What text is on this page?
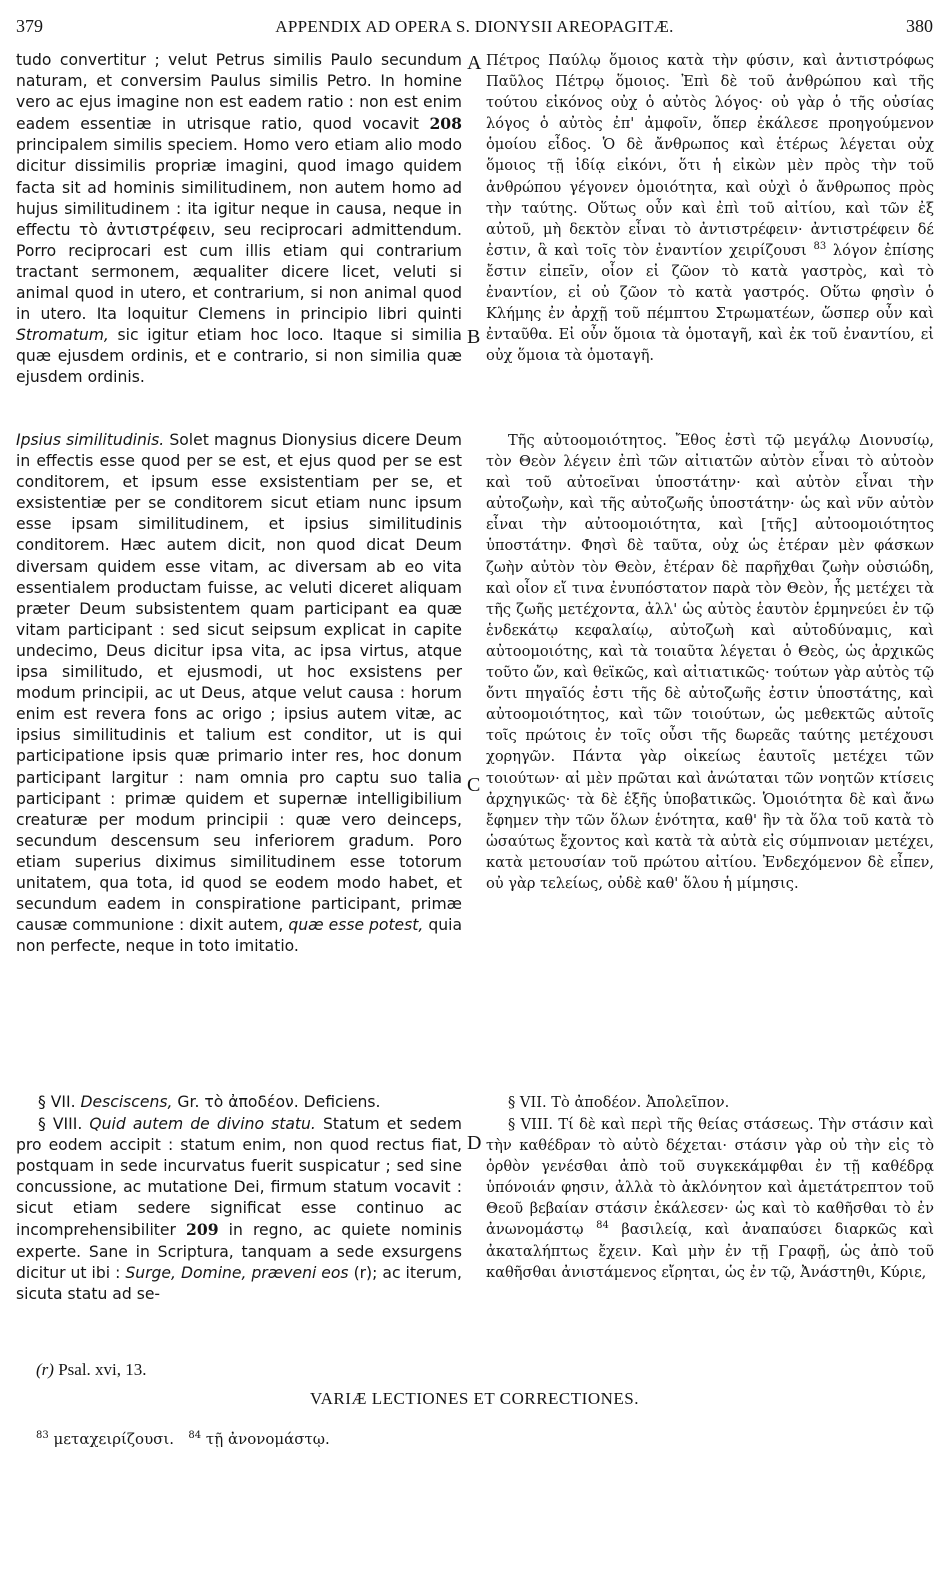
379	APPENDIX AD OPERA S. DIONYSII AREOPAGITÆ.	380

tudo convertitur ; velut Petrus similis Paulo secundum naturam, et conversim Paulus similis Petro. In homine vero ac ejus imagine non est eadem ratio : non est enim eadem essentiæ in utrisque ratio, quod vocavit 208 principalem similis speciem. Homo vero etiam alio modo dicitur dissimilis propriæ imagini, quod imago quidem facta sit ad hominis similitudinem, non autem homo ad hujus similitudinem : ita igitur neque in causa, neque in effectu τὸ ἀντιστρέφειν, seu reciprocari admittendum. Porro reciprocari est cum illis etiam qui contrarium tractant sermonem, æqualiter dicere licet, veluti si animal quod in utero, et contrarium, si non animal quod in utero. Ita loquitur Clemens in principio libri quinti Stromatum, sic igitur etiam hoc loco. Itaque si similia quæ ejusdem ordinis, et e contrario, si non similia quæ ejusdem ordinis.

Ipsius similitudinis. Solet magnus Dionysius dicere Deum in effectis esse quod per se est, et ejus quod per se est conditorem, et ipsum esse exsistentiam per se, et exsistentiæ per se conditorem sicut etiam nunc ipsum esse ipsam similitudinem, et ipsius similitudinis conditorem. Hæc autem dicit, non quod dicat Deum diversam quidem esse vitam, ac diversam ab eo vita essentialem productam fuisse, ac veluti diceret aliquam præter Deum subsistentem quam participant ea quæ vitam participant : sed sicut seipsum explicat in capite undecimo, Deus dicitur ipsa vita, ac ipsa virtus, atque ipsa similitudo, et ejusmodi, ut hoc exsistens per modum principii, ac ut Deus, atque velut causa : horum enim est revera fons ac origo ; ipsius autem vitæ, ac ipsius similitudinis et talium est conditor, ut is qui participatione ipsis quæ primario inter res, hoc donum participant largitur : nam omnia pro captu suo talia participant : primæ quidem et supernæ intelligibilium creaturæ per modum principii : quæ vero deinceps, secundum descensum seu inferiorem gradum. Poro etiam superius diximus similitudinem esse totorum unitatem, qua tota, id quod se eodem modo habet, et secundum eadem in conspiratione participant, primæ causæ communione : dixit autem, quæ esse potest, quia non perfecte, neque in toto imitatio.

§ VII. Desciscens, Gr. τὸ ἀποδέον. Deficiens.

§ VIII. Quid autem de divino statu. Statum et sedem pro eodem accipit : statum enim, non quod rectus fiat, postquam in sede incurvatus fuerit suspicatur ; sed sine concussione, ac mutatione Dei, firmum statum vocavit : sicut etiam sedere significat esse continuo ac incomprehensibiliter 209 in regno, ac quiete nominis experte. Sane in Scriptura, tanquam a sede exsurgens dicitur ut ibi : Surge, Domine, præveni eos (r); ac iterum, sicuta statu ad se-

A
B
C
D

Πέτρος Παύλῳ ὅμοιος κατὰ τὴν φύσιν, καὶ ἀντιστρόφως Παῦλος Πέτρῳ ὅμοιος. Ἐπὶ δὲ τοῦ ἀνθρώπου καὶ τῆς τούτου εἰκόνος οὐχ ὁ αὐτὸς λόγος· οὐ γὰρ ὁ τῆς οὐσίας λόγος ὁ αὐτὸς ἐπ' ἀμφοῖν, ὅπερ ἐκάλεσε προηγούμενον ὁμοίου εἶδος. Ὁ δὲ ἄνθρωπος καὶ ἑτέρως λέγεται οὐχ ὅμοιος τῇ ἰδίᾳ εἰκόνι, ὅτι ἡ εἰκὼν μὲν πρὸς τὴν τοῦ ἀνθρώπου γέγονεν ὁμοιότητα, καὶ οὐχὶ ὁ ἄνθρωπος πρὸς τὴν ταύτης. Οὕτως οὖν καὶ ἐπὶ τοῦ αἰτίου, καὶ τῶν ἐξ αὐτοῦ, μὴ δεκτὸν εἶναι τὸ ἀντιστρέφειν· ἀντιστρέφειν δέ ἐστιν, ἃ καὶ τοῖς τὸν ἐναντίον χειρίζουσι $^{83}$ λόγον ἐπίσης ἔστιν εἰπεῖν, οἷον εἰ ζῶον τὸ κατὰ γαστρὸς, καὶ τὸ ἐναντίον, εἰ οὐ ζῶον τὸ κατὰ γαστρός. Οὕτω φησὶν ὁ Κλήμης ἐν ἀρχῇ τοῦ πέμπτου Στρωματέων, ὥσπερ οὖν καὶ ἐνταῦθα. Εἰ οὖν ὅμοια τὰ ὁμοταγῆ, καὶ ἐκ τοῦ ἐναντίου, εἰ οὐχ ὅμοια τὰ ὁμοταγῆ.

Τῆς αὐτοομοιότητος. Ἔθος ἐστὶ τῷ μεγάλῳ Διονυσίῳ, τὸν Θεὸν λέγειν ἐπὶ τῶν αἰτιατῶν αὐτὸν εἶναι τὸ αὐτοὸν καὶ τοῦ αὐτοεῖναι ὑποστάτην· καὶ αὐτὸν εἶναι τὴν αὐτοζωὴν, καὶ τῆς αὐτοζωῆς ὑποστάτην· ὡς καὶ νῦν αὐτὸν εἶναι τὴν αὐτοομοιότητα, καὶ [τῆς] αὐτοομοιότητος ὑποστάτην. Φησὶ δὲ ταῦτα, οὐχ ὡς ἑτέραν μὲν φάσκων ζωὴν αὐτὸν τὸν Θεὸν, ἑτέραν δὲ παρῆχθαι ζωὴν οὐσιώδη, καὶ οἷον εἴ τινα ἐνυπόστατον παρὰ τὸν Θεὸν, ἧς μετέχει τὰ τῆς ζωῆς μετέχοντα, ἀλλ' ὡς αὐτὸς ἑαυτὸν ἑρμηνεύει ἐν τῷ ἑνδεκάτῳ κεφαλαίῳ, αὐτοζωὴ καὶ αὐτοδύναμις, καὶ αὐτοομοιότης, καὶ τὰ τοιαῦτα λέγεται ὁ Θεὸς, ὡς ἀρχικῶς τοῦτο ὤν, καὶ θεϊκῶς, καὶ αἰτιατικῶς· τούτων γὰρ αὐτὸς τῷ ὄντι πηγαῖός ἐστι τῆς δὲ αὐτοζωῆς ἐστιν ὑποστάτης, καὶ αὐτοομοιότητος, καὶ τῶν τοιούτων, ὡς μεθεκτῶς αὐτοῖς τοῖς πρώτοις ἐν τοῖς οὖσι τῆς δωρεᾶς ταύτης μετέχουσι χορηγῶν. Πάντα γὰρ οἰκείως ἑαυτοῖς μετέχει τῶν τοιούτων· αἱ μὲν πρῶται καὶ ἀνώταται τῶν νοητῶν κτίσεις ἀρχηγικῶς· τὰ δὲ ἑξῆς ὑποβατικῶς. Ὁμοιότητα δὲ καὶ ἄνω ἔφημεν τὴν τῶν ὅλων ἑνότητα, καθ' ἣν τὰ ὅλα τοῦ κατὰ τὸ ὡσαύτως ἔχοντος καὶ κατὰ τὰ αὐτὰ εἰς σύμπνοιαν μετέχει, κατὰ μετουσίαν τοῦ πρώτου αἰτίου. Ἐνδεχόμενον δὲ εἶπεν, οὐ γὰρ τελείως, οὐδὲ καθ' ὅλου ἡ μίμησις.

§ VII. Τὸ ἀποδέον. Ἀπολεῖπον.

§ VIII. Τί δὲ καὶ περὶ τῆς θείας στάσεως. Τὴν στάσιν καὶ τὴν καθέδραν τὸ αὐτὸ δέχεται· στάσιν γὰρ οὐ τὴν εἰς τὸ ὀρθὸν γενέσθαι ἀπὸ τοῦ συγκεκάμφθαι ἐν τῇ καθέδρᾳ ὑπόνοιάν φησιν, ἀλλὰ τὸ ἀκλόνητον καὶ ἀμετάτρεπτον τοῦ Θεοῦ βεβαίαν στάσιν ἐκάλεσεν· ὡς καὶ τὸ καθῆσθαι τὸ ἐν ἀνωνομάστῳ $^{84}$ βασιλείᾳ, καὶ ἀναπαύσει διαρκῶς καὶ ἀκαταλήπτως ἔχειν. Καὶ μὴν ἐν τῇ Γραφῇ, ὡς ἀπὸ τοῦ καθῆσθαι ἀνιστάμενος εἴρηται, ὡς ἐν τῷ, Ἀνάστηθι, Κύριε,

(r) Psal. xvi, 13.
VARIÆ LECTIONES ET CORRECTIONES.
$^{83}$ μεταχειρίζουσι. $^{84}$ τῇ ἀνονομάστῳ.
